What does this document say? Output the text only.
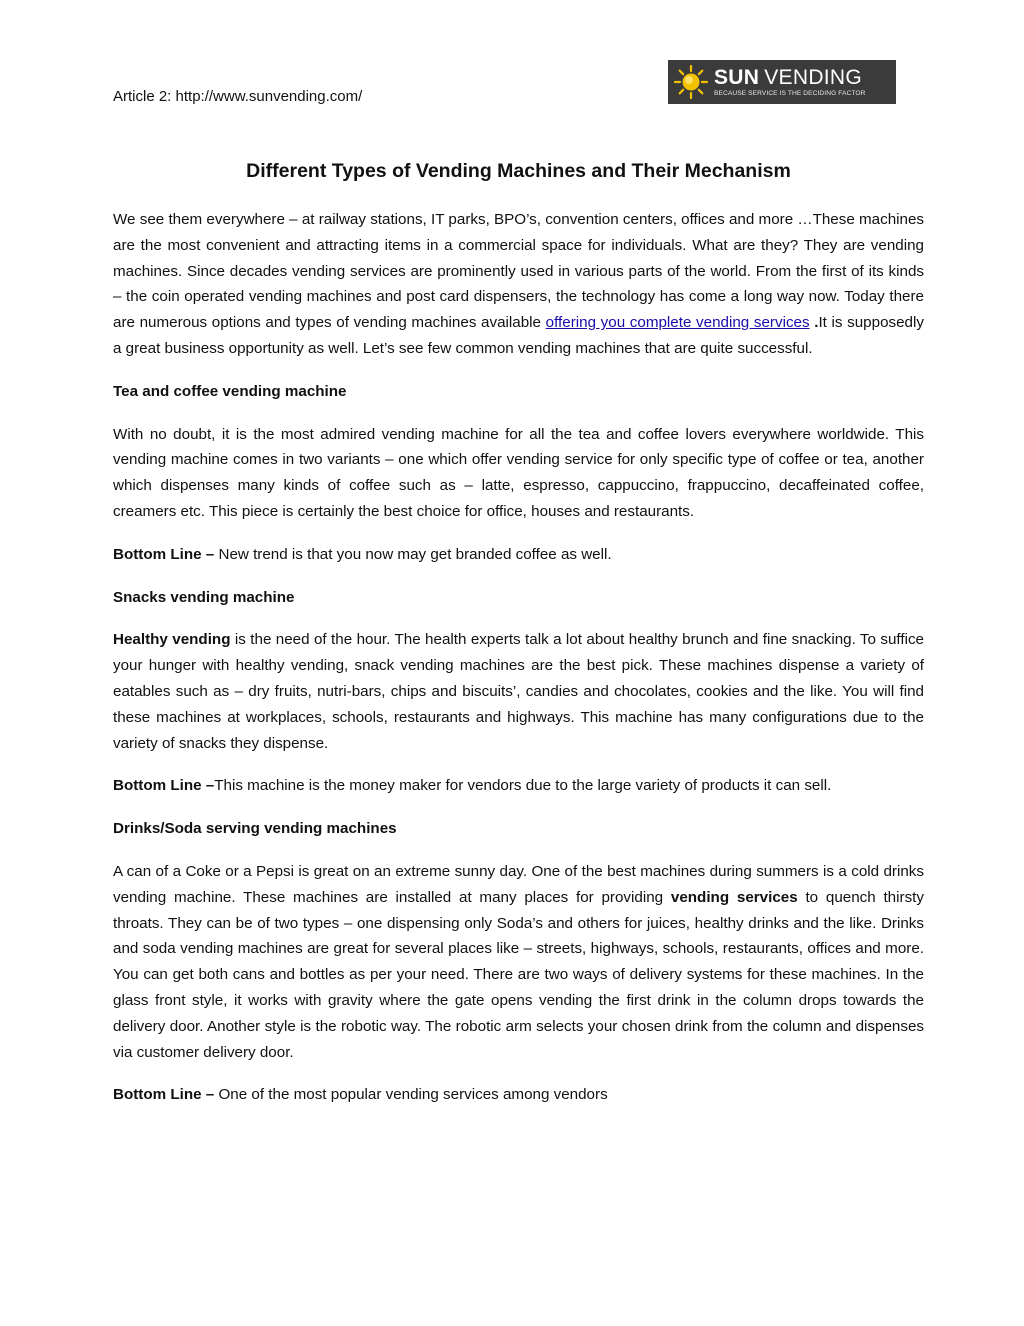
Article 2: http://www.sunvending.com/
SUN VENDING
BECAUSE SERVICE IS THE DECIDING FACTOR
Different Types of Vending Machines and Their Mechanism

We see them everywhere – at railway stations, IT parks, BPO’s, convention centers, offices and more …These machines are the most convenient and attracting items in a commercial space for individuals. What are they? They are vending machines. Since decades vending services are prominently used in various parts of the world. From the first of its kinds – the coin operated vending machines and post card dispensers, the technology has come a long way now. Today there are numerous options and types of vending machines available offering you complete vending services .It is supposedly a great business opportunity as well. Let’s see few common vending machines that are quite successful.

Tea and coffee vending machine

With no doubt, it is the most admired vending machine for all the tea and coffee lovers everywhere worldwide. This vending machine comes in two variants – one which offer vending service for only specific type of coffee or tea, another which dispenses many kinds of coffee such as – latte, espresso, cappuccino, frappuccino, decaffeinated coffee, creamers etc. This piece is certainly the best choice for office, houses and restaurants.

Bottom Line – New trend is that you now may get branded coffee as well.

Snacks vending machine

Healthy vending is the need of the hour. The health experts talk a lot about healthy brunch and fine snacking. To suffice your hunger with healthy vending, snack vending machines are the best pick. These machines dispense a variety of eatables such as – dry fruits, nutri-bars, chips and biscuits’, candies and chocolates, cookies and the like. You will find these machines at workplaces, schools, restaurants and highways. This machine has many configurations due to the variety of snacks they dispense.

Bottom Line –This machine is the money maker for vendors due to the large variety of products it can sell.

Drinks/Soda serving vending machines

A can of a Coke or a Pepsi is great on an extreme sunny day. One of the best machines during summers is a cold drinks vending machine. These machines are installed at many places for providing vending services to quench thirsty throats. They can be of two types – one dispensing only Soda’s and others for juices, healthy drinks and the like. Drinks and soda vending machines are great for several places like – streets, highways, schools, restaurants, offices and more. You can get both cans and bottles as per your need. There are two ways of delivery systems for these machines. In the glass front style, it works with gravity where the gate opens vending the first drink in the column drops towards the delivery door. Another style is the robotic way. The robotic arm selects your chosen drink from the column and dispenses via customer delivery door.

Bottom Line – One of the most popular vending services among vendors
